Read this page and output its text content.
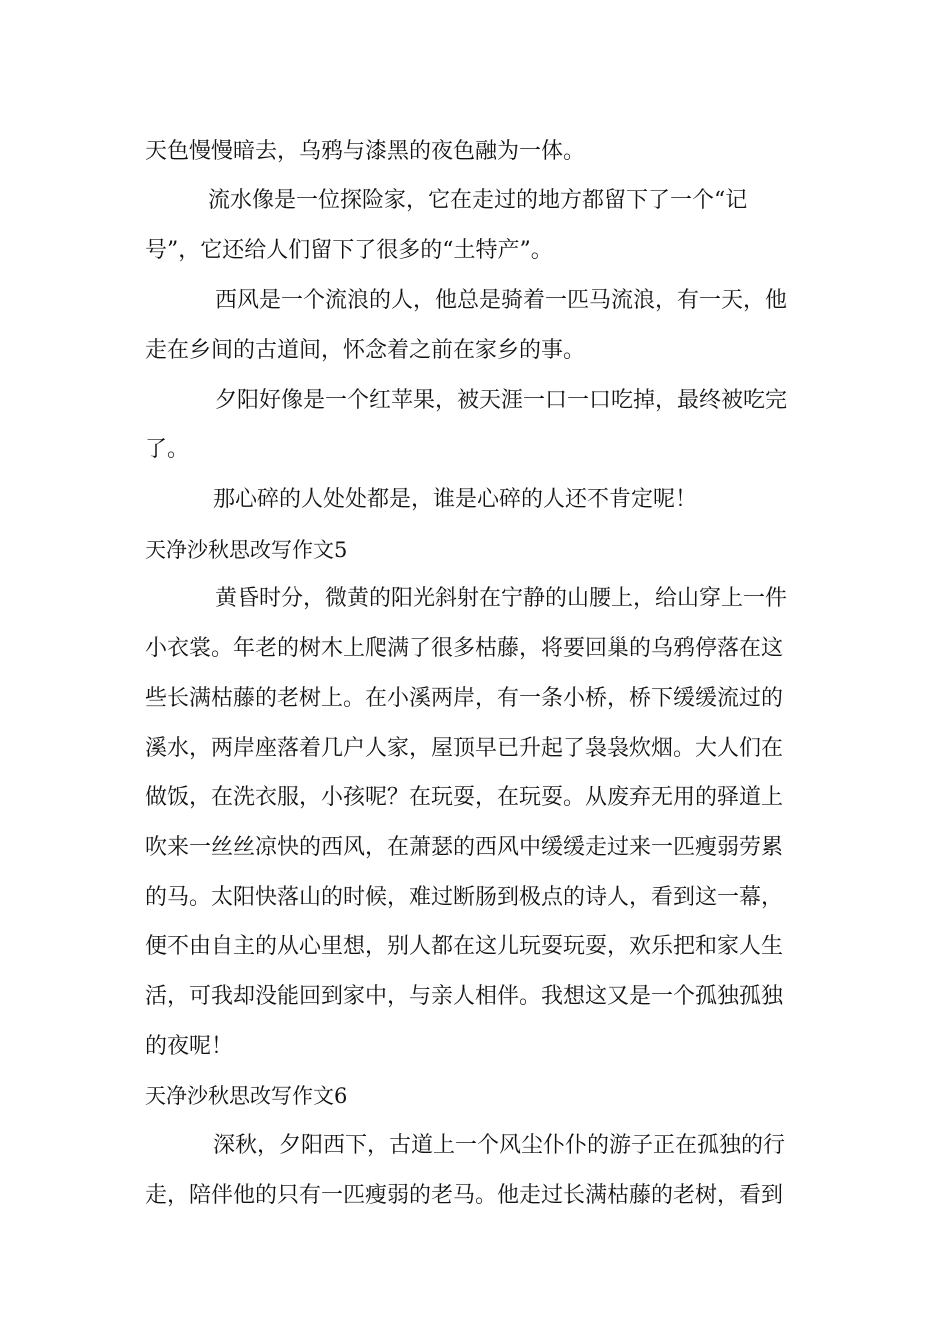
天色慢慢暗去，乌鸦与漆黑的夜色融为一体。
流水像是一位探险家，它在走过的地方都留下了一个“记
号”，它还给人们留下了很多的“土特产”。
西风是一个流浪的人，他总是骑着一匹马流浪，有一天，他
走在乡间的古道间，怀念着之前在家乡的事。
夕阳好像是一个红苹果，被天涯一口一口吃掉，最终被吃完
了。
那心碎的人处处都是，谁是心碎的人还不肯定呢！
天净沙秋思改写作文5
黄昏时分，微黄的阳光斜射在宁静的山腰上，给山穿上一件
小衣裳。年老的树木上爬满了很多枯藤，将要回巢的乌鸦停落在这
些长满枯藤的老树上。在小溪两岸，有一条小桥，桥下缓缓流过的
溪水，两岸座落着几户人家，屋顶早已升起了袅袅炊烟。大人们在
做饭，在洗衣服，小孩呢？在玩耍，在玩耍。从废弃无用的驿道上
吹来一丝丝凉快的西风，在萧瑟的西风中缓缓走过来一匹瘦弱劳累
的马。太阳快落山的时候，难过断肠到极点的诗人，看到这一幕，
便不由自主的从心里想，别人都在这儿玩耍玩耍，欢乐把和家人生
活，可我却没能回到家中，与亲人相伴。我想这又是一个孤独孤独
的夜呢！
天净沙秋思改写作文6
深秋，夕阳西下，古道上一个风尘仆仆的游子正在孤独的行
走，陪伴他的只有一匹瘦弱的老马。他走过长满枯藤的老树，看到
